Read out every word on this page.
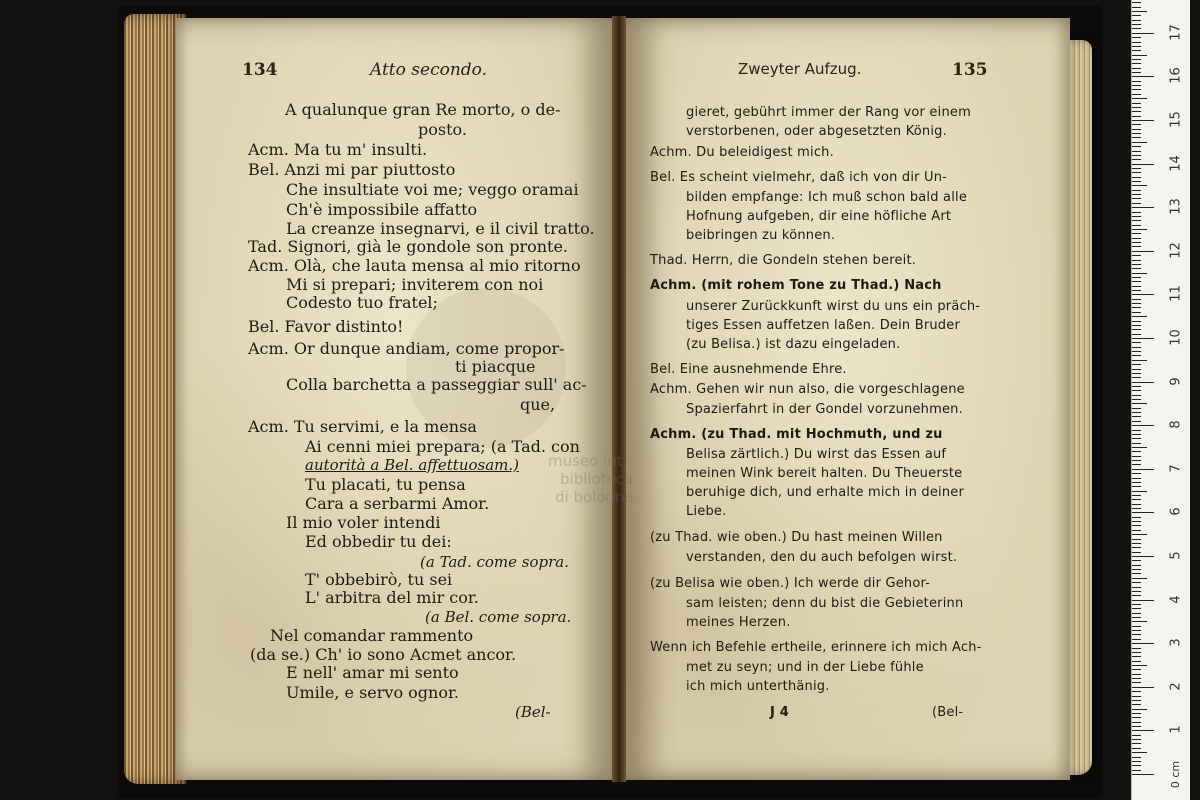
museo int.
biblioteca
di bologna
134	Atto secondo.
A qualunque gran Re morto, o de-
posto.
Acm. Ma tu m' insulti.
Bel. Anzi mi par piuttosto
Che insultiate voi me; veggo oramai
Ch'è impossibile affatto
La creanze insegnarvi, e il civil tratto.
Tad. Signori, già le gondole son pronte.
Acm. Olà, che lauta mensa al mio ritorno
Mi si prepari; inviterem con noi
Codesto tuo fratel;
Bel. Favor distinto!
Acm. Or dunque andiam, come propor-
ti piacque
Colla barchetta a passeggiar sull' ac-
que,
Acm. Tu servimi, e la mensa
Ai cenni miei prepara; (a Tad. con
autorità a Bel. affettuosam.)
Tu placati, tu pensa
Cara a serbarmi Amor.
Il mio voler intendi
Ed obbedir tu dei:
(a Tad. come sopra.
T' obbebirò, tu sei
L' arbitra del mir cor.
(a Bel. come sopra.
Nel comandar rammento
(da se.) Ch' io sono Acmet ancor.
E nell' amar mi sento
Umile, e servo ognor.
(Bel-
Zweyter Aufzug.	135
gieret, gebührt immer der Rang vor einem
verstorbenen, oder abgesetzten König.
Achm. Du beleidigest mich.
Bel. Es scheint vielmehr, daß ich von dir Un-
bilden empfange: Ich muß schon bald alle
Hofnung aufgeben, dir eine höfliche Art
beibringen zu können.
Thad. Herrn, die Gondeln stehen bereit.
Achm. (mit rohem Tone zu Thad.) Nach
unserer Zurückkunft wirst du uns ein präch-
tiges Essen auffetzen laßen. Dein Bruder
(zu Belisa.) ist dazu eingeladen.
Bel. Eine ausnehmende Ehre.
Achm. Gehen wir nun also, die vorgeschlagene
Spazierfahrt in der Gondel vorzunehmen.
Achm. (zu Thad. mit Hochmuth, und zu
Belisa zärtlich.) Du wirst das Essen auf
meinen Wink bereit halten. Du Theuerste
beruhige dich, und erhalte mich in deiner
Liebe.
(zu Thad. wie oben.) Du hast meinen Willen
verstanden, den du auch befolgen wirst.
(zu Belisa wie oben.) Ich werde dir Gehor-
sam leisten; denn du bist die Gebieterinn
meines Herzen.
Wenn ich Befehle ertheile, erinnere ich mich Ach-
met zu seyn; und in der Liebe fühle
ich mich unterthänig.
J 4	(Bel-
0 cm
1
2
3
4
5
6
7
8
9
10
11
12
13
14
15
16
17
